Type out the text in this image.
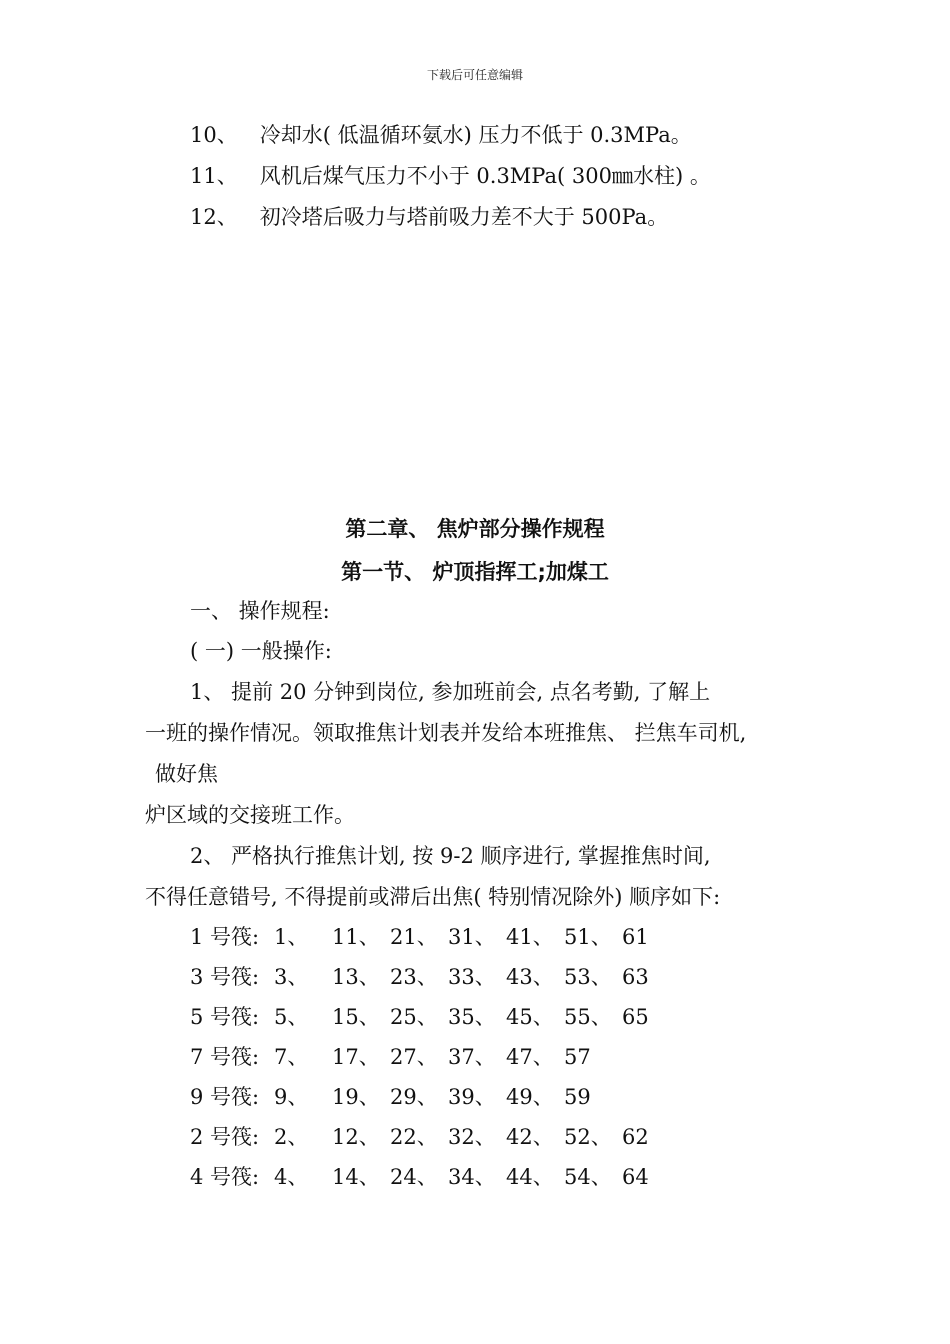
下载后可任意编辑
10、 冷却水( 低温循环氨水) 压力不低于 0.3MPa。
11、 风机后煤气压力不小于 0.3MPa( 300㎜水柱) 。
12、 初冷塔后吸力与塔前吸力差不大于 500Pa。
第二章、 焦炉部分操作规程
第一节、 炉顶指挥工;加煤工
一、 操作规程:
( 一) 一般操作:
1、 提前 20 分钟到岗位, 参加班前会, 点名考勤, 了解上
一班的操作情况。领取推焦计划表并发给本班推焦、 拦焦车司机,
做好焦
炉区域的交接班工作。
2、 严格执行推焦计划, 按 9-2 顺序进行, 掌握推焦时间,
不得任意错号, 不得提前或滞后出焦( 特别情况除外) 顺序如下:
1 号筏: 1、 11、 21、 31、 41、 51、 61
3 号筏: 3、 13、 23、 33、 43、 53、 63
5 号筏: 5、 15、 25、 35、 45、 55、 65
7 号筏: 7、 17、 27、 37、 47、 57
9 号筏: 9、 19、 29、 39、 49、 59
2 号筏: 2、 12、 22、 32、 42、 52、 62
4 号筏: 4、 14、 24、 34、 44、 54、 64
